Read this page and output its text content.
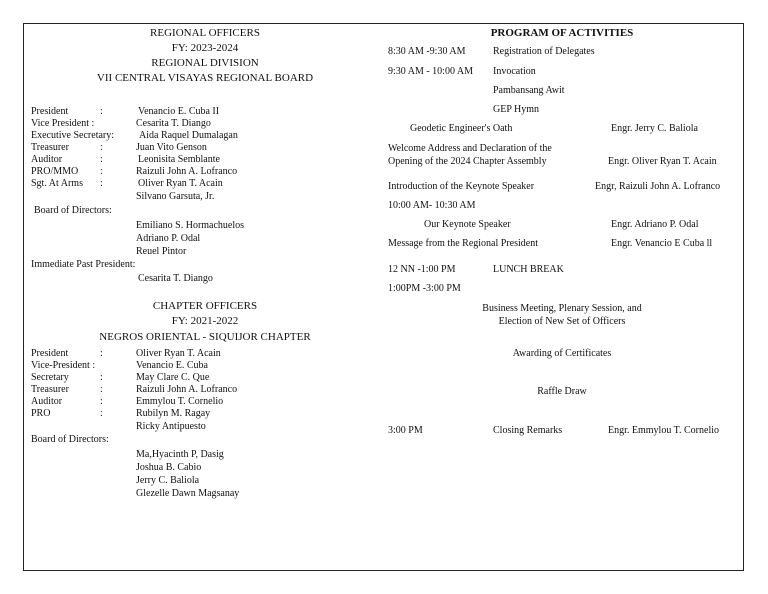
REGIONAL OFFICERS
FY: 2023-2024
REGIONAL DIVISION
VII CENTRAL VISAYAS REGIONAL BOARD
President	:	Venancio E. Cuba II
Vice President :	Cesarita T. Diango
Executive Secretary: Aida Raquel Dumalagan
Treasurer	:	Juan Vito Genson
Auditor	:	Leonisita Semblante
PRO/MMO :	Raizuli John A. Lofranco
Sgt. At Arms :	Oliver Ryan T. Acain
Silvano Garsuta, Jr.
Board of Directors:
Emiliano S. Hormachuelos
Adriano P. Odal
Reuel Pintor
Immediate Past President:
Cesarita T. Diango
CHAPTER OFFICERS
FY: 2021-2022
NEGROS ORIENTAL - SIQUIJOR CHAPTER
President	:	Oliver Ryan T. Acain
Vice-President :	Venancio E. Cuba
Secretary	:	May Clare C. Que
Treasurer	:	Raizuli John A. Lofranco
Auditor	:	Emmylou T. Cornelio
PRO	:	Rubilyn M. Ragay
Ricky Antipuesto
Board of Directors:
Ma,Hyacinth P, Dasig
Joshua B. Cabio
Jerry C. Baliola
Glezelle Dawn Magsanay
PROGRAM OF ACTIVITIES
8:30 AM -9:30 AM	Registration of Delegates
9:30 AM - 10:00 AM Invocation
Pambansang Awit
GEP Hymn
Geodetic Engineer's Oath	Engr. Jerry C. Baliola
Welcome Address and Declaration of the
Opening of the 2024 Chapter Assembly	Engr. Oliver Ryan T. Acain
Introduction of the Keynote Speaker	Engr, Raizuli John A. Lofranco
10:00 AM- 10:30 AM
Our Keynote Speaker	Engr. Adriano P. Odal
Message from the Regional President	Engr. Venancio E Cuba ll
12 NN -1:00 PM	LUNCH BREAK
1:00PM -3:00 PM
Business Meeting, Plenary Session, and
Election of New Set of Officers
Awarding of Certificates
Raffle Draw
3:00 PM	Closing Remarks	Engr. Emmylou T. Cornelio
